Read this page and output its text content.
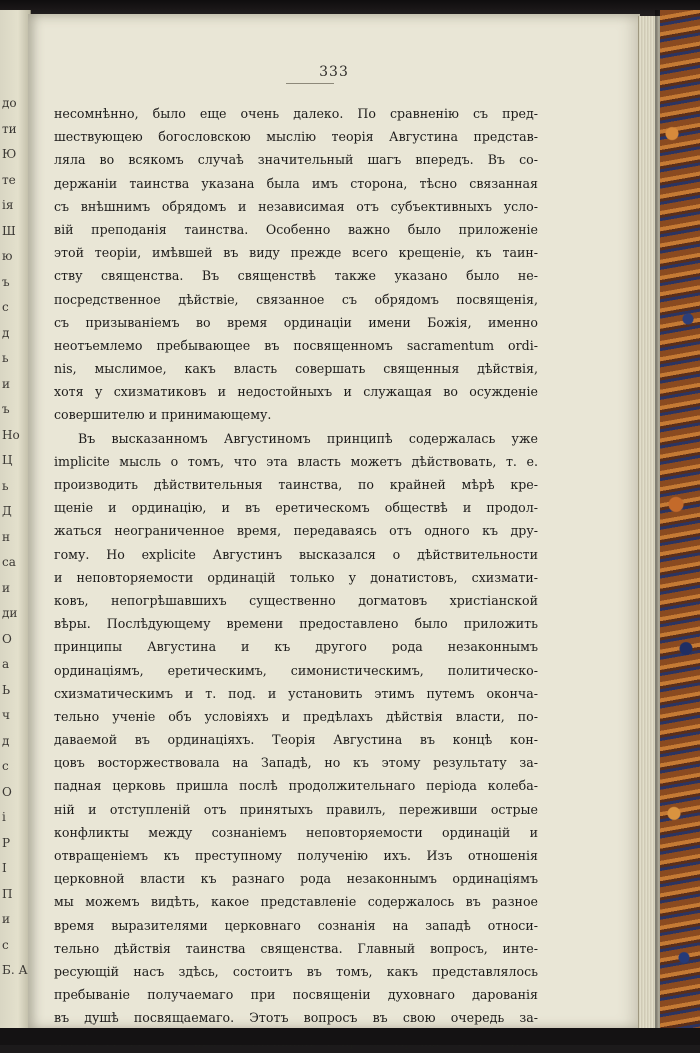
до
ти
Ю
те
ія
Ш
ю
ъ
с
д
ь
и
ъ
Но
Ц
ь
Д
н
са
и
ди
О
а
Ь
ч
д
с
О
і
Р
І
П
и
с
Б. А
333
несомнѣнно, было еще очень далеко. По сравненію съ пред-
шествующею богословскою мыслію теорія Августина представ-
ляла во всякомъ случаѣ значительный шагъ впередъ. Въ со-
держаніи таинства указана была имъ сторона, тѣсно связанная
съ внѣшнимъ обрядомъ и независимая отъ субъективныхъ усло-
вій преподанія таинства. Особенно важно было приложеніе
этой теоріи, имѣвшей въ виду прежде всего крещеніе, къ таин-
ству священства. Въ священствѣ также указано было не-
посредственное дѣйствіе, связанное съ обрядомъ посвященія,
съ призываніемъ во время ординаціи имени Божія, именно
неотъемлемо пребывающее въ посвященномъ sacramentum ordi-
nis, мыслимое, какъ власть совершать священныя дѣйствія,
хотя у схизматиковъ и недостойныхъ и служащая во осужденіе
совершителю и принимающему.
Въ высказанномъ Августиномъ принципѣ содержалась уже
implicite мысль о томъ, что эта власть можетъ дѣйствовать, т. е.
производить дѣйствительныя таинства, по крайней мѣрѣ кре-
щеніе и ординацію, и въ еретическомъ обществѣ и продол-
жаться неограниченное время, передаваясь отъ одного къ дру-
гому. Но explicite Августинъ высказался о дѣйствительности
и неповторяемости ординацій только у донатистовъ, схизмати-
ковъ, непогрѣшавшихъ существенно догматовъ христіанской
вѣры. Послѣдующему времени предоставлено было приложить
принципы Августина и къ другого рода незаконнымъ
ординаціямъ, еретическимъ, симонистическимъ, политическо-
схизматическимъ и т. под. и установить этимъ путемъ оконча-
тельно ученіе объ условіяхъ и предѣлахъ дѣйствія власти, по-
даваемой въ ординаціяхъ. Теорія Августина въ концѣ кон-
цовъ восторжествовала на Западѣ, но къ этому результату за-
падная церковь пришла послѣ продолжительнаго періода колеба-
ній и отступленій отъ принятыхъ правилъ, переживши острые
конфликты между сознаніемъ неповторяемости ординацій и
отвращеніемъ къ преступному полученію ихъ. Изъ отношенія
церковной власти къ разнаго рода незаконнымъ ординаціямъ
мы можемъ видѣть, какое представленіе содержалось въ разное
время выразителями церковнаго сознанія на западѣ относи-
тельно дѣйствія таинства священства. Главный вопросъ, инте-
ресующій насъ здѣсь, состоитъ въ томъ, какъ представлялось
пребываніе получаемаго при посвященіи духовнаго дарованія
въ душѣ посвящаемаго. Этотъ вопросъ въ свою очередь за-
